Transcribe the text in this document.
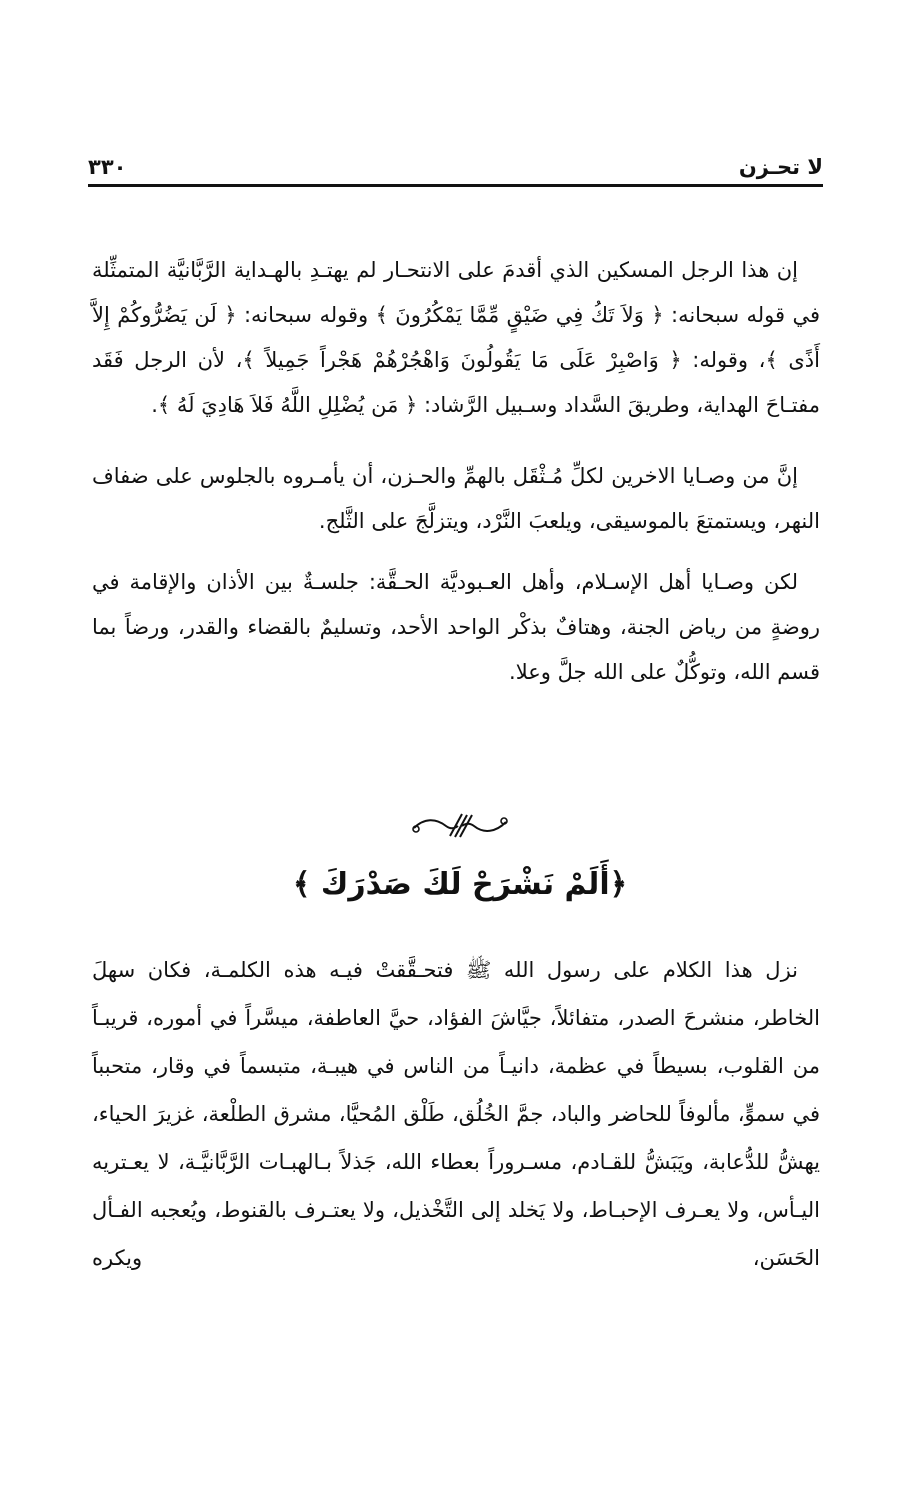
٣٣٠	لا تحـزن

إن هذا الرجل المسكين الذي أقدمَ على الانتحـار لم يهتـدِ بالهـداية الرَّبَّانيَّة المتمثِّلة في قوله سبحانه: ﴿ وَلاَ تَكُ فِي ضَيْقٍ مِّمَّا يَمْكُرُونَ ﴾ وقوله سبحانه: ﴿ لَن يَضُرُّوكُمْ إِلاَّ أَذًى ﴾، وقوله: ﴿ وَاصْبِرْ عَلَى مَا يَقُولُونَ وَاهْجُرْهُمْ هَجْراً جَمِيلاً ﴾، لأن الرجل فَقَد مفتـاحَ الهداية، وطريقَ السَّداد وسـبيل الرَّشاد: ﴿ مَن يُضْلِلِ اللَّهُ فَلاَ هَادِيَ لَهُ ﴾.

إنَّ من وصـايا الاخرين لكلِّ مُـثْقَل بالهمِّ والحـزن، أن يأمـروه بالجلوس على ضفاف النهر، ويستمتعَ بالموسيقى، ويلعبَ النَّرْد، ويتزلَّجَ على الثَّلج.

لكن وصـايا أهل الإسـلام، وأهل العـبوديَّة الحـقَّة: جلسـةٌ بين الأذان والإقامة في روضةٍ من رياض الجنة، وهتافٌ بذكْر الواحد الأحد، وتسليمٌ بالقضاء والقدر، ورضاً بما قسم الله، وتوكُّلٌ على الله جلَّ وعلا.

﴿أَلَمْ نَشْرَحْ لَكَ صَدْرَكَ ﴾

نزل هذا الكلام على رسول الله ﷺ فتحـقَّقتْ فيـه هذه الكلمـة، فكان سهلَ الخاطر، منشرحَ الصدر، متفائلاً، جيَّاشَ الفؤاد، حيَّ العاطفة، ميسَّراً في أموره، قريبـاً من القلوب، بسيطاً في عظمة، دانيـاً من الناس في هيبـة، متبسماً في وقار، متحبباً في سموٍّ، مألوفاً للحاضر والباد، جمَّ الخُلُق، طَلْق المُحيَّا، مشرق الطلْعة، غزيرَ الحياء، يهشُّ للدُّعابة، ويَبَشُّ للقـادم، مسـروراً بعطاء الله، جَذلاً بـالهبـات الرَّبَّانيَّـة، لا يعـتريه اليـأس، ولا يعـرف الإحبـاط، ولا يَخلد إلى التَّخْذيل، ولا يعتـرف بالقنوط، ويُعجبه الفـأل الحَسَن، ويكره
